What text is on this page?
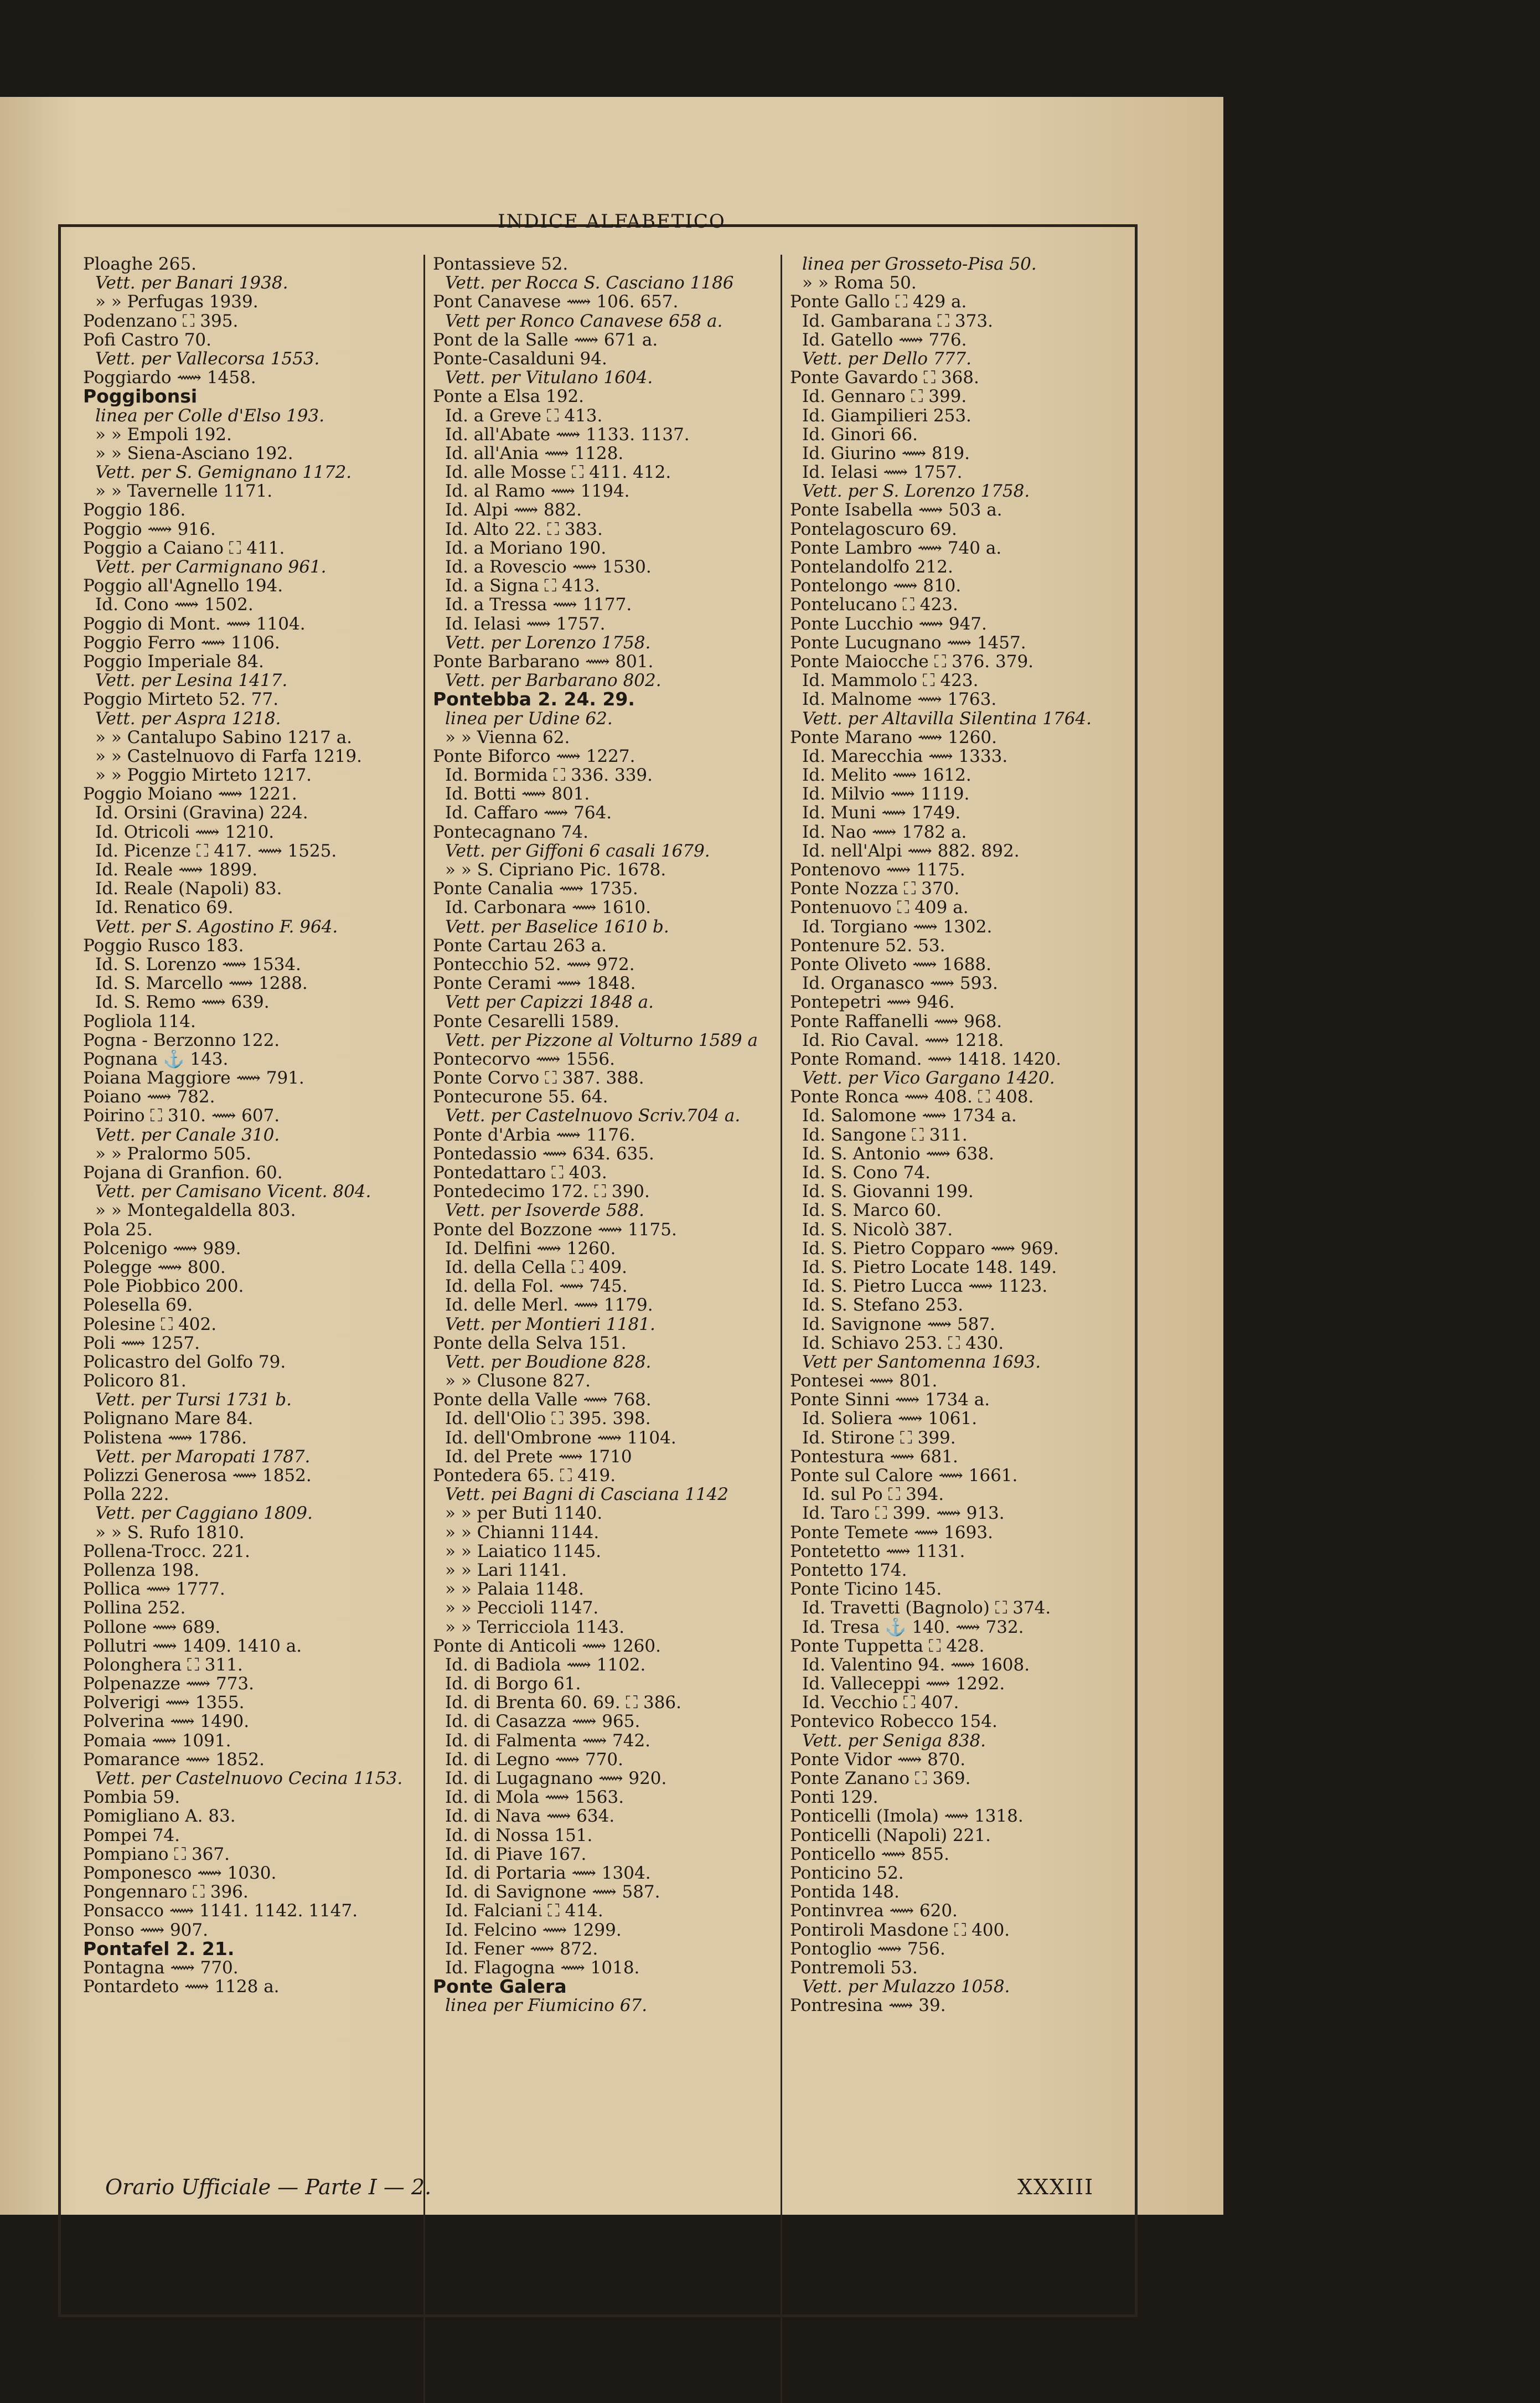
INDICE ALFABETICO
Ploaghe 265.
Vett. per Banari 1938.
» » Perfugas 1939.
Podenzano ⛶ 395.
Pofi Castro 70.
Vett. per Vallecorsa 1553.
Poggiardo ⟿ 1458.
Poggibonsi
linea per Colle d'Elso 193.
» » Empoli 192.
» » Siena-Asciano 192.
Vett. per S. Gemignano 1172.
» » Tavernelle 1171.
Poggio 186.
Poggio ⟿ 916.
Poggio a Caiano ⛶ 411.
Vett. per Carmignano 961.
Poggio all'Agnello 194.
Id. Cono ⟿ 1502.
Poggio di Mont. ⟿ 1104.
Poggio Ferro ⟿ 1106.
Poggio Imperiale 84.
Vett. per Lesina 1417.
Poggio Mirteto 52. 77.
Vett. per Aspra 1218.
» » Cantalupo Sabino 1217 a.
» » Castelnuovo di Farfa 1219.
» » Poggio Mirteto 1217.
Poggio Moiano ⟿ 1221.
Id. Orsini (Gravina) 224.
Id. Otricoli ⟿ 1210.
Id. Picenze ⛶ 417. ⟿ 1525.
Id. Reale ⟿ 1899.
Id. Reale (Napoli) 83.
Id. Renatico 69.
Vett. per S. Agostino F. 964.
Poggio Rusco 183.
Id. S. Lorenzo ⟿ 1534.
Id. S. Marcello ⟿ 1288.
Id. S. Remo ⟿ 639.
Pogliola 114.
Pogna - Berzonno 122.
Pognana ⚓ 143.
Poiana Maggiore ⟿ 791.
Poiano ⟿ 782.
Poirino ⛶ 310. ⟿ 607.
Vett. per Canale 310.
» » Pralormo 505.
Pojana di Granfion. 60.
Vett. per Camisano Vicent. 804.
» » Montegaldella 803.
Pola 25.
Polcenigo ⟿ 989.
Polegge ⟿ 800.
Pole Piobbico 200.
Polesella 69.
Polesine ⛶ 402.
Poli ⟿ 1257.
Policastro del Golfo 79.
Policoro 81.
Vett. per Tursi 1731 b.
Polignano Mare 84.
Polistena ⟿ 1786.
Vett. per Maropati 1787.
Polizzi Generosa ⟿ 1852.
Polla 222.
Vett. per Caggiano 1809.
» » S. Rufo 1810.
Pollena-Trocc. 221.
Pollenza 198.
Pollica ⟿ 1777.
Pollina 252.
Pollone ⟿ 689.
Pollutri ⟿ 1409. 1410 a.
Polonghera ⛶ 311.
Polpenazze ⟿ 773.
Polverigi ⟿ 1355.
Polverina ⟿ 1490.
Pomaia ⟿ 1091.
Pomarance ⟿ 1852.
Vett. per Castelnuovo Cecina 1153.
Pombia 59.
Pomigliano A. 83.
Pompei 74.
Pompiano ⛶ 367.
Pomponesco ⟿ 1030.
Pongennaro ⛶ 396.
Ponsacco ⟿ 1141. 1142. 1147.
Ponso ⟿ 907.
Pontafel 2. 21.
Pontagna ⟿ 770.
Pontardeto ⟿ 1128 a.
Pontassieve 52.
Vett. per Rocca S. Casciano 1186
Pont Canavese ⟿ 106. 657.
Vett per Ronco Canavese 658 a.
Pont de la Salle ⟿ 671 a.
Ponte-Casalduni 94.
Vett. per Vitulano 1604.
Ponte a Elsa 192.
Id. a Greve ⛶ 413.
Id. all'Abate ⟿ 1133. 1137.
Id. all'Ania ⟿ 1128.
Id. alle Mosse ⛶ 411. 412.
Id. al Ramo ⟿ 1194.
Id. Alpi ⟿ 882.
Id. Alto 22. ⛶ 383.
Id. a Moriano 190.
Id. a Rovescio ⟿ 1530.
Id. a Signa ⛶ 413.
Id. a Tressa ⟿ 1177.
Id. Ielasi ⟿ 1757.
Vett. per Lorenzo 1758.
Ponte Barbarano ⟿ 801.
Vett. per Barbarano 802.
Pontebba 2. 24. 29.
linea per Udine 62.
» » Vienna 62.
Ponte Biforco ⟿ 1227.
Id. Bormida ⛶ 336. 339.
Id. Botti ⟿ 801.
Id. Caffaro ⟿ 764.
Pontecagnano 74.
Vett. per Giffoni 6 casali 1679.
» » S. Cipriano Pic. 1678.
Ponte Canalia ⟿ 1735.
Id. Carbonara ⟿ 1610.
Vett. per Baselice 1610 b.
Ponte Cartau 263 a.
Pontecchio 52. ⟿ 972.
Ponte Cerami ⟿ 1848.
Vett per Capizzi 1848 a.
Ponte Cesarelli 1589.
Vett. per Pizzone al Volturno 1589 a
Pontecorvo ⟿ 1556.
Ponte Corvo ⛶ 387. 388.
Pontecurone 55. 64.
Vett. per Castelnuovo Scriv.704 a.
Ponte d'Arbia ⟿ 1176.
Pontedassio ⟿ 634. 635.
Pontedattaro ⛶ 403.
Pontedecimo 172. ⛶ 390.
Vett. per Isoverde 588.
Ponte del Bozzone ⟿ 1175.
Id. Delfini ⟿ 1260.
Id. della Cella ⛶ 409.
Id. della Fol. ⟿ 745.
Id. delle Merl. ⟿ 1179.
Vett. per Montieri 1181.
Ponte della Selva 151.
Vett. per Boudione 828.
» » Clusone 827.
Ponte della Valle ⟿ 768.
Id. dell'Olio ⛶ 395. 398.
Id. dell'Ombrone ⟿ 1104.
Id. del Prete ⟿ 1710
Pontedera 65. ⛶ 419.
Vett. pei Bagni di Casciana 1142
» » per Buti 1140.
» » Chianni 1144.
» » Laiatico 1145.
» » Lari 1141.
» » Palaia 1148.
» » Peccioli 1147.
» » Terricciola 1143.
Ponte di Anticoli ⟿ 1260.
Id. di Badiola ⟿ 1102.
Id. di Borgo 61.
Id. di Brenta 60. 69. ⛶ 386.
Id. di Casazza ⟿ 965.
Id. di Falmenta ⟿ 742.
Id. di Legno ⟿ 770.
Id. di Lugagnano ⟿ 920.
Id. di Mola ⟿ 1563.
Id. di Nava ⟿ 634.
Id. di Nossa 151.
Id. di Piave 167.
Id. di Portaria ⟿ 1304.
Id. di Savignone ⟿ 587.
Id. Falciani ⛶ 414.
Id. Felcino ⟿ 1299.
Id. Fener ⟿ 872.
Id. Flagogna ⟿ 1018.
Ponte Galera
linea per Fiumicino 67.
linea per Grosseto-Pisa 50.
» » Roma 50.
Ponte Gallo ⛶ 429 a.
Id. Gambarana ⛶ 373.
Id. Gatello ⟿ 776.
Vett. per Dello 777.
Ponte Gavardo ⛶ 368.
Id. Gennaro ⛶ 399.
Id. Giampilieri 253.
Id. Ginori 66.
Id. Giurino ⟿ 819.
Id. Ielasi ⟿ 1757.
Vett. per S. Lorenzo 1758.
Ponte Isabella ⟿ 503 a.
Pontelagoscuro 69.
Ponte Lambro ⟿ 740 a.
Pontelandolfo 212.
Pontelongo ⟿ 810.
Pontelucano ⛶ 423.
Ponte Lucchio ⟿ 947.
Ponte Lucugnano ⟿ 1457.
Ponte Maiocche ⛶ 376. 379.
Id. Mammolo ⛶ 423.
Id. Malnome ⟿ 1763.
Vett. per Altavilla Silentina 1764.
Ponte Marano ⟿ 1260.
Id. Marecchia ⟿ 1333.
Id. Melito ⟿ 1612.
Id. Milvio ⟿ 1119.
Id. Muni ⟿ 1749.
Id. Nao ⟿ 1782 a.
Id. nell'Alpi ⟿ 882. 892.
Pontenovo ⟿ 1175.
Ponte Nozza ⛶ 370.
Pontenuovo ⛶ 409 a.
Id. Torgiano ⟿ 1302.
Pontenure 52. 53.
Ponte Oliveto ⟿ 1688.
Id. Organasco ⟿ 593.
Pontepetri ⟿ 946.
Ponte Raffanelli ⟿ 968.
Id. Rio Caval. ⟿ 1218.
Ponte Romand. ⟿ 1418. 1420.
Vett. per Vico Gargano 1420.
Ponte Ronca ⟿ 408. ⛶ 408.
Id. Salomone ⟿ 1734 a.
Id. Sangone ⛶ 311.
Id. S. Antonio ⟿ 638.
Id. S. Cono 74.
Id. S. Giovanni 199.
Id. S. Marco 60.
Id. S. Nicolò 387.
Id. S. Pietro Copparo ⟿ 969.
Id. S. Pietro Locate 148. 149.
Id. S. Pietro Lucca ⟿ 1123.
Id. S. Stefano 253.
Id. Savignone ⟿ 587.
Id. Schiavo 253. ⛶ 430.
Vett per Santomenna 1693.
Pontesei ⟿ 801.
Ponte Sinni ⟿ 1734 a.
Id. Soliera ⟿ 1061.
Id. Stirone ⛶ 399.
Pontestura ⟿ 681.
Ponte sul Calore ⟿ 1661.
Id. sul Po ⛶ 394.
Id. Taro ⛶ 399. ⟿ 913.
Ponte Temete ⟿ 1693.
Pontetetto ⟿ 1131.
Pontetto 174.
Ponte Ticino 145.
Id. Travetti (Bagnolo) ⛶ 374.
Id. Tresa ⚓ 140. ⟿ 732.
Ponte Tuppetta ⛶ 428.
Id. Valentino 94. ⟿ 1608.
Id. Valleceppi ⟿ 1292.
Id. Vecchio ⛶ 407.
Pontevico Robecco 154.
Vett. per Seniga 838.
Ponte Vidor ⟿ 870.
Ponte Zanano ⛶ 369.
Ponti 129.
Ponticelli (Imola) ⟿ 1318.
Ponticelli (Napoli) 221.
Ponticello ⟿ 855.
Ponticino 52.
Pontida 148.
Pontinvrea ⟿ 620.
Pontiroli Masdone ⛶ 400.
Pontoglio ⟿ 756.
Pontremoli 53.
Vett. per Mulazzo 1058.
Pontresina ⟿ 39.
Orario Ufficiale — Parte I — 2.	XXXIII
